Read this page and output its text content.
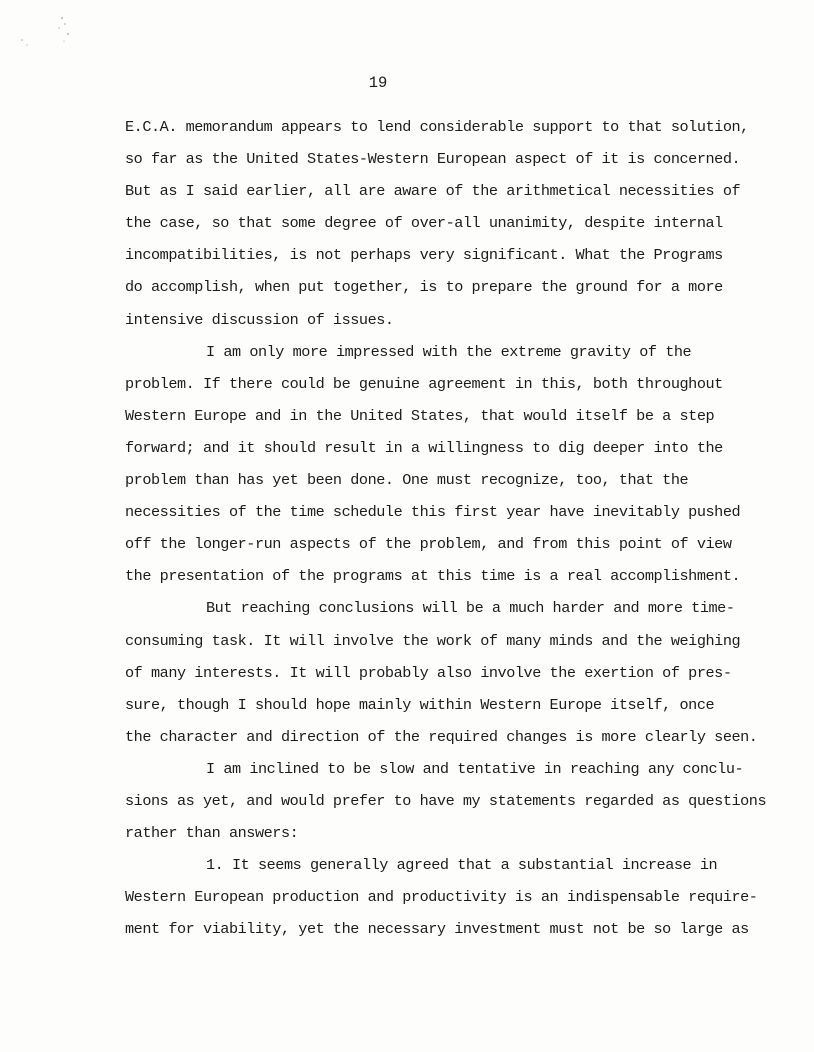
19
E.C.A. memorandum appears to lend considerable support to that solution,
so far as the United States-Western European aspect of it is concerned.
But as I said earlier, all are aware of the arithmetical necessities of
the case, so that some degree of over-all unanimity, despite internal
incompatibilities, is not perhaps very significant. What the Programs
do accomplish, when put together, is to prepare the ground for a more
intensive discussion of issues.
I am only more impressed with the extreme gravity of the
problem. If there could be genuine agreement in this, both throughout
Western Europe and in the United States, that would itself be a step
forward; and it should result in a willingness to dig deeper into the
problem than has yet been done. One must recognize, too, that the
necessities of the time schedule this first year have inevitably pushed
off the longer-run aspects of the problem, and from this point of view
the presentation of the programs at this time is a real accomplishment.
But reaching conclusions will be a much harder and more time-
consuming task. It will involve the work of many minds and the weighing
of many interests. It will probably also involve the exertion of pres-
sure, though I should hope mainly within Western Europe itself, once
the character and direction of the required changes is more clearly seen.
I am inclined to be slow and tentative in reaching any conclu-
sions as yet, and would prefer to have my statements regarded as questions
rather than answers:
1. It seems generally agreed that a substantial increase in
Western European production and productivity is an indispensable require-
ment for viability, yet the necessary investment must not be so large as
